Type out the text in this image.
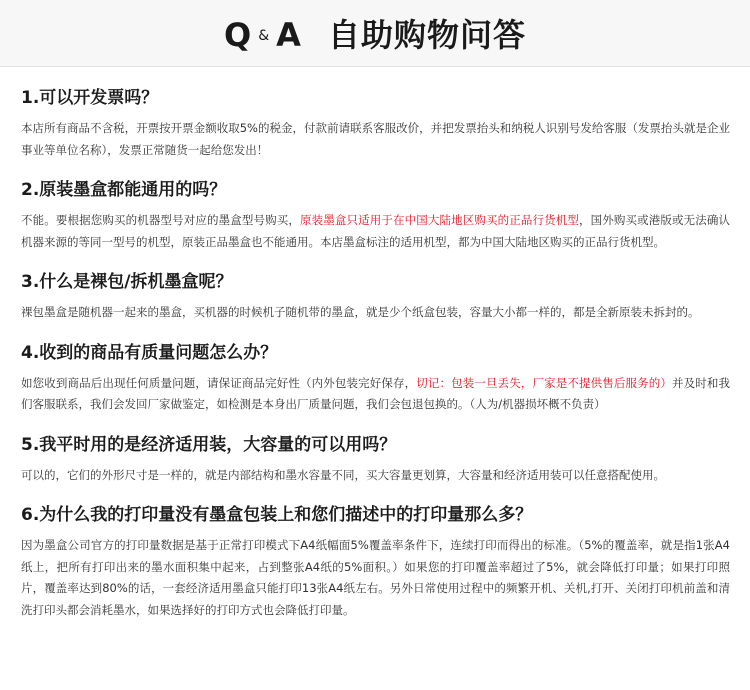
Q & A 自助购物问答

1.可以开发票吗？

本店所有商品不含税，开票按开票金额收取5%的税金，付款前请联系客服改价，并把发票抬头和纳税人识别号发给客服（发票抬头就是企业事业等单位名称），发票正常随货一起给您发出！

2.原装墨盒都能通用的吗？

不能。要根据您购买的机器型号对应的墨盒型号购买，原装墨盒只适用于在中国大陆地区购买的正品行货机型，国外购买或港版或无法确认机器来源的等同一型号的机型，原装正品墨盒也不能通用。本店墨盒标注的适用机型，都为中国大陆地区购买的正品行货机型。

3.什么是裸包/拆机墨盒呢？

裸包墨盒是随机器一起来的墨盒，买机器的时候机子随机带的墨盒，就是少个纸盒包装，容量大小都一样的，都是全新原装未拆封的。

4.收到的商品有质量问题怎么办？

如您收到商品后出现任何质量问题，请保证商品完好性（内外包装完好保存，切记：包装一旦丢失，厂家是不提供售后服务的）并及时和我们客服联系，我们会发回厂家做鉴定，如检测是本身出厂质量问题，我们会包退包换的。（人为/机器损坏概不负责）

5.我平时用的是经济适用装，大容量的可以用吗？

可以的，它们的外形尺寸是一样的，就是内部结构和墨水容量不同，买大容量更划算，大容量和经济适用装可以任意搭配使用。

6.为什么我的打印量没有墨盒包装上和您们描述中的打印量那么多？

因为墨盒公司官方的打印量数据是基于正常打印模式下A4纸幅面5%覆盖率条件下，连续打印而得出的标准。（5%的覆盖率，就是指1张A4纸上，把所有打印出来的墨水面积集中起来，占到整张A4纸的5%面积。）如果您的打印覆盖率超过了5%，就会降低打印量；如果打印照片，覆盖率达到80%的话，一套经济适用墨盒只能打印13张A4纸左右。另外日常使用过程中的频繁开机、关机,打开、关闭打印机前盖和清洗打印头都会消耗墨水，如果选择好的打印方式也会降低打印量。
